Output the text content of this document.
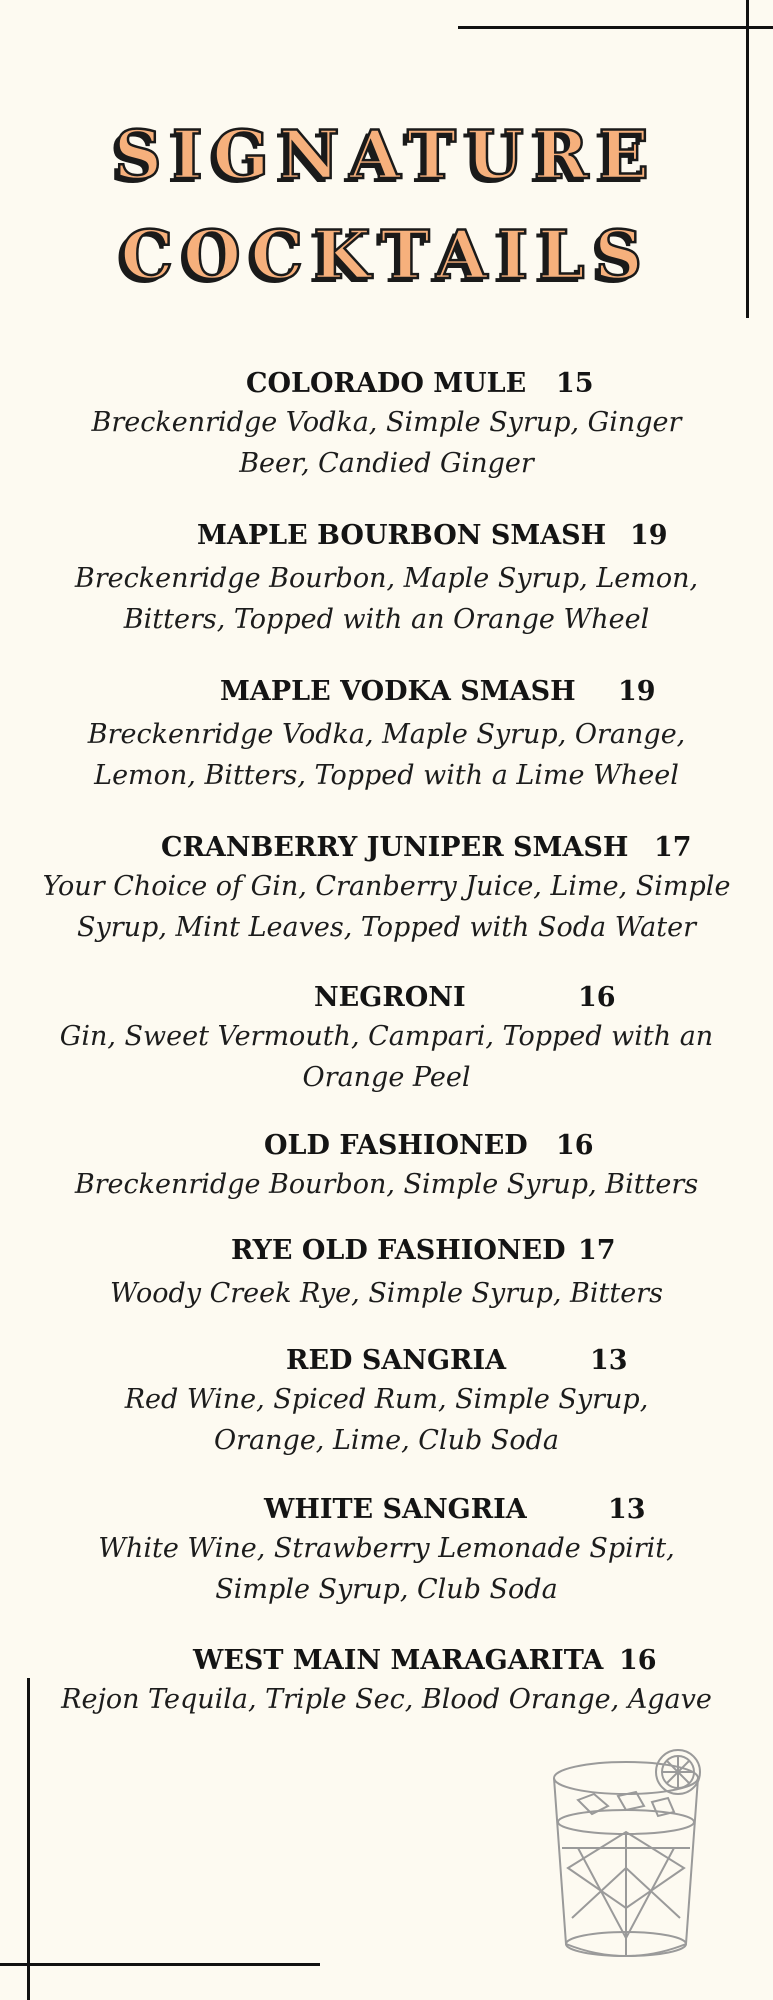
SIGNATURE
COCKTAILS
COLORADO MULE 15
Breckenridge Vodka, Simple Syrup, Ginger Beer, Candied Ginger
MAPLE BOURBON SMASH 19
Breckenridge Bourbon, Maple Syrup, Lemon, Bitters, Topped with an Orange Wheel
MAPLE VODKA SMASH 19
Breckenridge Vodka, Maple Syrup, Orange, Lemon, Bitters, Topped with a Lime Wheel
CRANBERRY JUNIPER SMASH 17
Your Choice of Gin, Cranberry Juice, Lime, Simple Syrup, Mint Leaves, Topped with Soda Water
NEGRONI	16
Gin, Sweet Vermouth, Campari, Topped with an Orange Peel
OLD FASHIONED 16
Breckenridge Bourbon, Simple Syrup, Bitters
RYE OLD FASHIONED 17
Woody Creek Rye, Simple Syrup, Bitters
RED SANGRIA	13
Red Wine, Spiced Rum, Simple Syrup, Orange, Lime, Club Soda
WHITE SANGRIA	13
White Wine, Strawberry Lemonade Spirit, Simple Syrup, Club Soda
WEST MAIN MARAGARITA 16
Rejon Tequila, Triple Sec, Blood Orange, Agave
